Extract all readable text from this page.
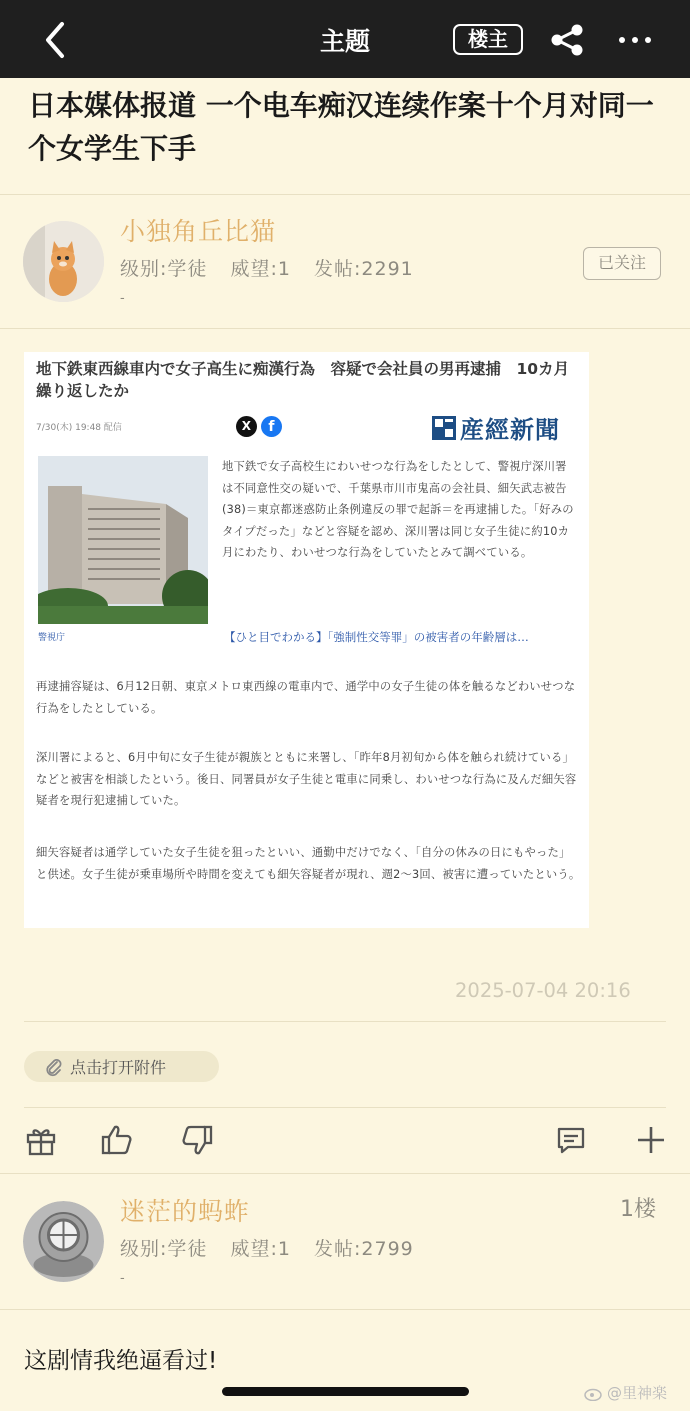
主题	楼主
日本媒体报道 一个电车痴汉连续作案十个月对同一个女学生下手
小独角丘比猫
级别:学徒 威望:1 发帖:2291
-
已关注
地下鉄東西線車内で女子高生に痴漢行為　容疑で会社員の男再逮捕　10カ月繰り返したか
7/30(木) 19:48 配信	X	f	産經新聞
警視庁
地下鉄で女子高校生にわいせつな行為をしたとして、警視庁深川署は不同意性交の疑いで、千葉県市川市鬼高の会社員、細矢武志被告(38)＝東京都迷惑防止条例違反の罪で起訴＝を再逮捕した。「好みのタイプだった」などと容疑を認め、深川署は同じ女子生徒に約10カ月にわたり、わいせつな行為をしていたとみて調べている。
【ひと目でわかる】「強制性交等罪」の被害者の年齢層は…
再逮捕容疑は、6月12日朝、東京メトロ東西線の電車内で、通学中の女子生徒の体を触るなどわいせつな行為をしたとしている。
深川署によると、6月中旬に女子生徒が親族とともに来署し、「昨年8月初旬から体を触られ続けている」などと被害を相談したという。後日、同署員が女子生徒と電車に同乗し、わいせつな行為に及んだ細矢容疑者を現行犯逮捕していた。
細矢容疑者は通学していた女子生徒を狙ったといい、通勤中だけでなく、「自分の休みの日にもやった」と供述。女子生徒が乗車場所や時間を変えても細矢容疑者が現れ、週2〜3回、被害に遭っていたという。
2025-07-04 20:16
点击打开附件
迷茫的蚂蚱	1楼
级别:学徒 威望:1 发帖:2799
-
这剧情我绝逼看过!
@里神楽
